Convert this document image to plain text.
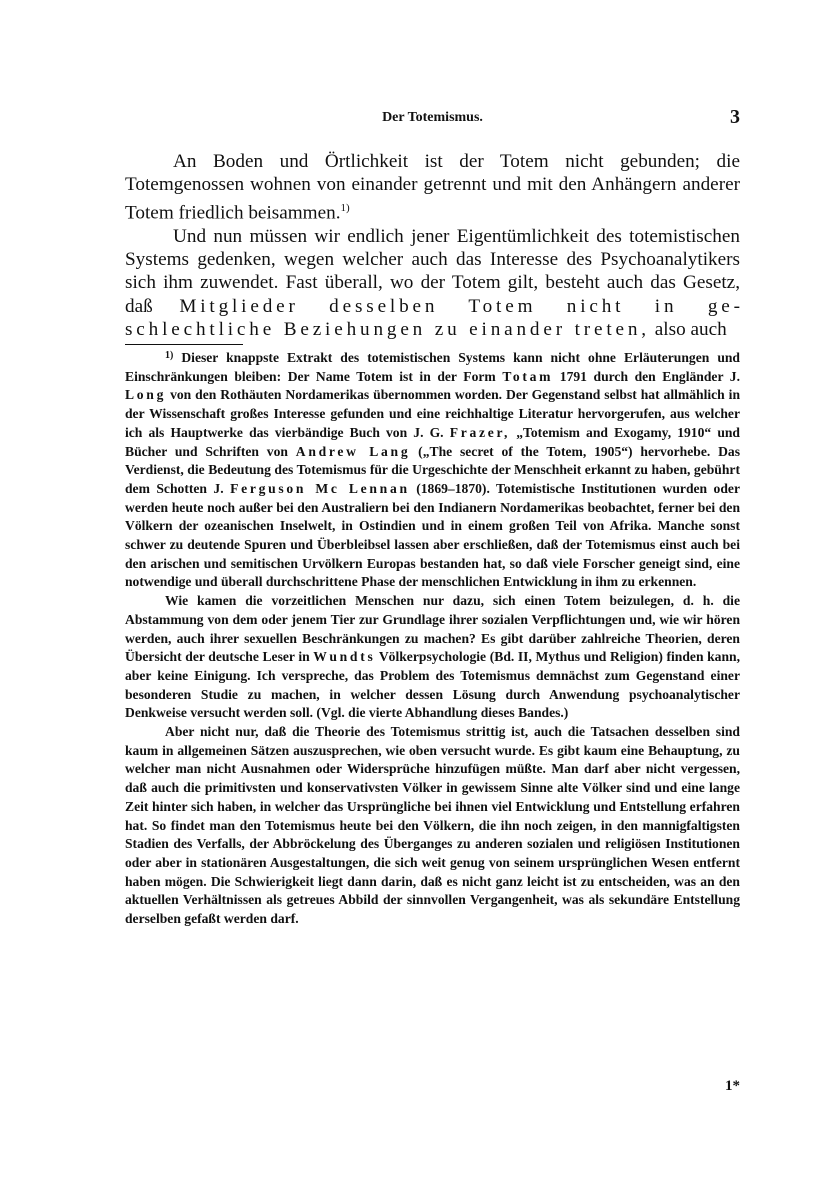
Der Totemismus.	3

An Boden und Örtlichkeit ist der Totem nicht gebunden; die Totemgenossen wohnen von einander getrennt und mit den Anhängern anderer Totem friedlich beisammen.$^{1)}$

Und nun müssen wir endlich jener Eigentümlichkeit des totemistischen Systems gedenken, wegen welcher auch das Interesse des Psychoanalytikers sich ihm zuwendet. Fast überall, wo der Totem gilt, besteht auch das Gesetz, daß Mitglieder desselben Totem nicht in geschlechtliche Beziehungen zu einander treten, also auch

$^{1)}$ Dieser knappste Extrakt des totemistischen Systems kann nicht ohne Erläuterungen und Einschränkungen bleiben: Der Name Totem ist in der Form Totam 1791 durch den Engländer J. Long von den Rothäuten Nordamerikas übernommen worden. Der Gegenstand selbst hat allmählich in der Wissenschaft großes Interesse gefunden und eine reichhaltige Literatur hervorgerufen, aus welcher ich als Hauptwerke das vierbändige Buch von J. G. Frazer, „Totemism and Exogamy, 1910“ und Bücher und Schriften von Andrew Lang („The secret of the Totem, 1905“) hervorhebe. Das Verdienst, die Bedeutung des Totemismus für die Urgeschichte der Menschheit erkannt zu haben, gebührt dem Schotten J. Ferguson Mc Lennan (1869–1870). Totemistische Institutionen wurden oder werden heute noch außer bei den Australiern bei den Indianern Nordamerikas beobachtet, ferner bei den Völkern der ozeanischen Inselwelt, in Ostindien und in einem großen Teil von Afrika. Manche sonst schwer zu deutende Spuren und Überbleibsel lassen aber erschließen, daß der Totemismus einst auch bei den arischen und semitischen Urvölkern Europas bestanden hat, so daß viele Forscher geneigt sind, eine notwendige und überall durchschrittene Phase der menschlichen Entwicklung in ihm zu erkennen.

Wie kamen die vorzeitlichen Menschen nur dazu, sich einen Totem beizulegen, d. h. die Abstammung von dem oder jenem Tier zur Grundlage ihrer sozialen Verpflichtungen und, wie wir hören werden, auch ihrer sexuellen Beschränkungen zu machen? Es gibt darüber zahlreiche Theorien, deren Übersicht der deutsche Leser in Wundts Völkerpsychologie (Bd. II, Mythus und Religion) finden kann, aber keine Einigung. Ich verspreche, das Problem des Totemismus demnächst zum Gegenstand einer besonderen Studie zu machen, in welcher dessen Lösung durch Anwendung psychoanalytischer Denkweise versucht werden soll. (Vgl. die vierte Abhandlung dieses Bandes.)

Aber nicht nur, daß die Theorie des Totemismus strittig ist, auch die Tatsachen desselben sind kaum in allgemeinen Sätzen auszusprechen, wie oben versucht wurde. Es gibt kaum eine Behauptung, zu welcher man nicht Ausnahmen oder Widersprüche hinzufügen müßte. Man darf aber nicht vergessen, daß auch die primitivsten und konservativsten Völker in gewissem Sinne alte Völker sind und eine lange Zeit hinter sich haben, in welcher das Ursprüngliche bei ihnen viel Entwicklung und Entstellung erfahren hat. So findet man den Totemismus heute bei den Völkern, die ihn noch zeigen, in den mannigfaltigsten Stadien des Verfalls, der Abbröckelung des Überganges zu anderen sozialen und religiösen Institutionen oder aber in stationären Ausgestaltungen, die sich weit genug von seinem ursprünglichen Wesen entfernt haben mögen. Die Schwierigkeit liegt dann darin, daß es nicht ganz leicht ist zu entscheiden, was an den aktuellen Verhältnissen als getreues Abbild der sinnvollen Vergangenheit, was als sekundäre Entstellung derselben gefaßt werden darf.

1*
